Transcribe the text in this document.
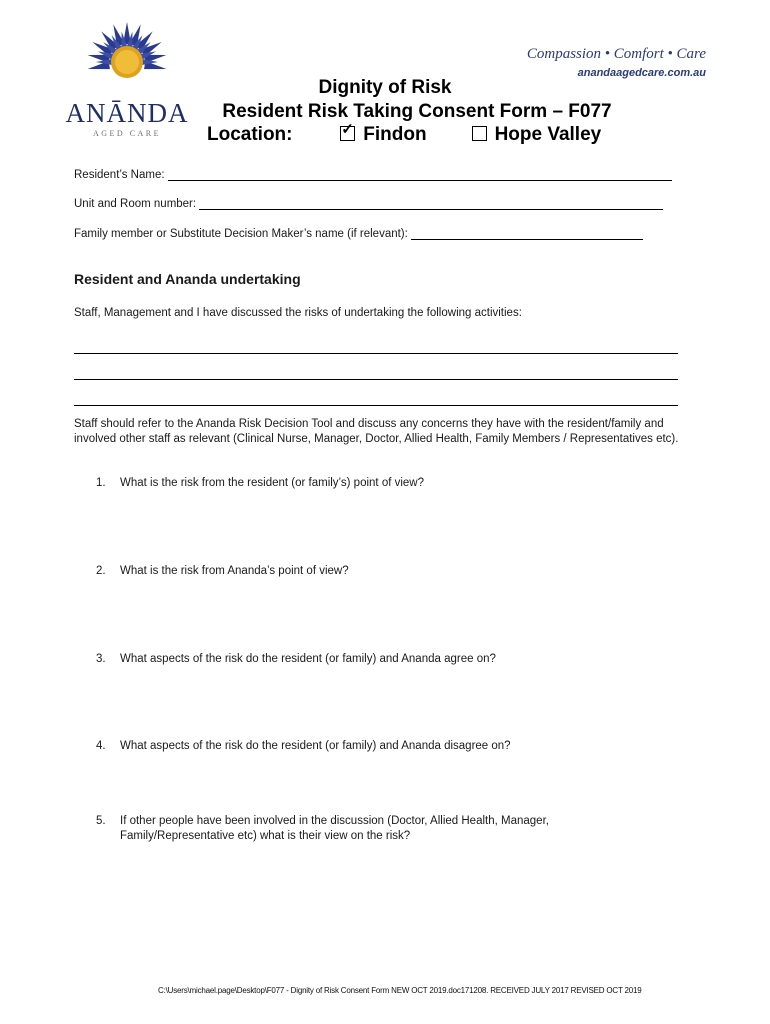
ANĀNDA
AGED CARE
Compassion • Comfort • Care
anandaagedcare.com.au
Dignity of Risk
Resident Risk Taking Consent Form – F077
Location:	✓ Findon	Hope Valley
Resident’s Name:
Unit and Room number:
Family member or Substitute Decision Maker’s name (if relevant):
Resident and Ananda undertaking
Staff, Management and I have discussed the risks of undertaking the following activities:
Staff should refer to the Ananda Risk Decision Tool and discuss any concerns they have with the resident/family and involved other staff as relevant (Clinical Nurse, Manager, Doctor, Allied Health, Family Members / Representatives etc).
1.	What is the risk from the resident (or family’s) point of view?
2.	What is the risk from Ananda’s point of view?
3.	What aspects of the risk do the resident (or family) and Ananda agree on?
4.	What aspects of the risk do the resident (or family) and Ananda disagree on?
5.	If other people have been involved in the discussion (Doctor, Allied Health, Manager, Family/Representative etc) what is their view on the risk?
C:\Users\michael.page\Desktop\F077 - Dignity of Risk Consent Form NEW OCT 2019.doc171208. RECEIVED JULY 2017 REVISED OCT 2019
